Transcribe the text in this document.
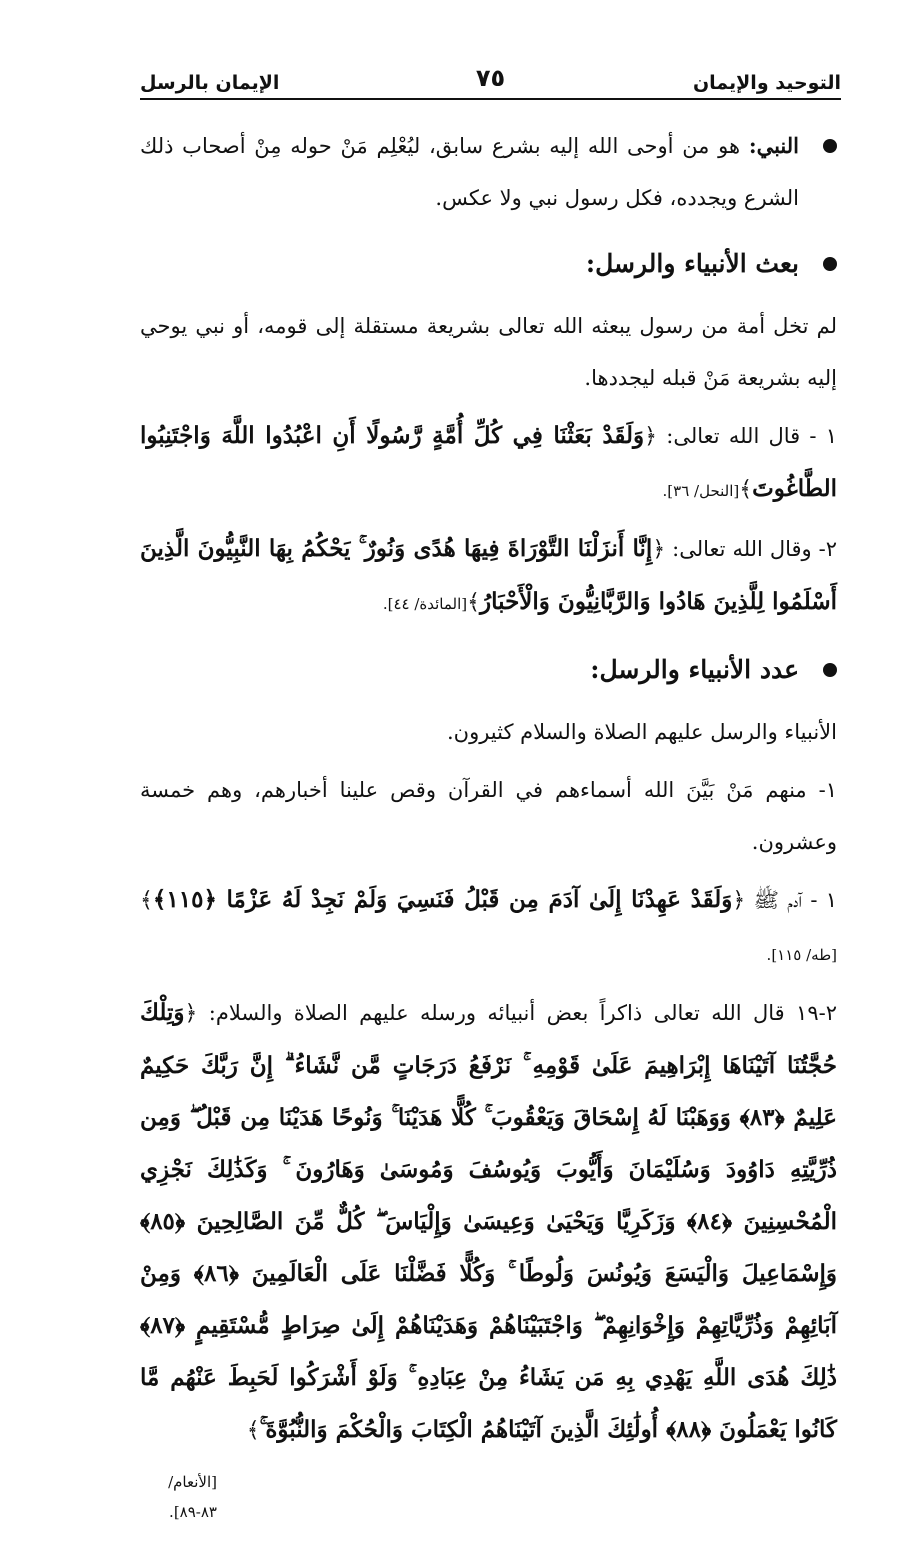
التوحيد والإيمان
٧٥
الإيمان بالرسل

النبي: هو من أوحى الله إليه بشرع سابق، ليُعْلِم مَنْ حوله مِنْ أصحاب ذلك الشرع ويجدده، فكل رسول نبي ولا عكس.

بعث الأنبياء والرسل:

لم تخل أمة من رسول يبعثه الله تعالى بشريعة مستقلة إلى قومه، أو نبي يوحي إليه بشريعة مَنْ قبله ليجددها.

١ - قال الله تعالى: ﴿وَلَقَدْ بَعَثْنَا فِي كُلِّ أُمَّةٍ رَّسُولًا أَنِ اعْبُدُوا اللَّهَ وَاجْتَنِبُوا الطَّاغُوتَ﴾[النحل/ ٣٦].

٢- وقال الله تعالى: ﴿إِنَّا أَنزَلْنَا التَّوْرَاةَ فِيهَا هُدًى وَنُورٌ ۚ يَحْكُمُ بِهَا النَّبِيُّونَ الَّذِينَ أَسْلَمُوا لِلَّذِينَ هَادُوا وَالرَّبَّانِيُّونَ وَالْأَحْبَارُ﴾[المائدة/ ٤٤].

عدد الأنبياء والرسل:

الأنبياء والرسل عليهم الصلاة والسلام كثيرون.

١- منهم مَنْ بَيَّنَ الله أسماءهم في القرآن وقص علينا أخبارهم، وهم خمسة وعشرون.

١ - آدم ﷺ ﴿وَلَقَدْ عَهِدْنَا إِلَىٰ آدَمَ مِن قَبْلُ فَنَسِيَ وَلَمْ نَجِدْ لَهُ عَزْمًا ﴿١١٥﴾﴾[طه/ ١١٥].

٢-١٩ قال الله تعالى ذاكراً بعض أنبيائه ورسله عليهم الصلاة والسلام: ﴿وَتِلْكَ حُجَّتُنَا آتَيْنَاهَا إِبْرَاهِيمَ عَلَىٰ قَوْمِهِ ۚ نَرْفَعُ دَرَجَاتٍ مَّن نَّشَاءُ ۗ إِنَّ رَبَّكَ حَكِيمٌ عَلِيمٌ ﴿٨٣﴾ وَوَهَبْنَا لَهُ إِسْحَاقَ وَيَعْقُوبَ ۚ كُلًّا هَدَيْنَا ۚ وَنُوحًا هَدَيْنَا مِن قَبْلُ ۖ وَمِن ذُرِّيَّتِهِ دَاوُودَ وَسُلَيْمَانَ وَأَيُّوبَ وَيُوسُفَ وَمُوسَىٰ وَهَارُونَ ۚ وَكَذَٰلِكَ نَجْزِي الْمُحْسِنِينَ ﴿٨٤﴾ وَزَكَرِيَّا وَيَحْيَىٰ وَعِيسَىٰ وَإِلْيَاسَ ۖ كُلٌّ مِّنَ الصَّالِحِينَ ﴿٨٥﴾ وَإِسْمَاعِيلَ وَالْيَسَعَ وَيُونُسَ وَلُوطًا ۚ وَكُلًّا فَضَّلْنَا عَلَى الْعَالَمِينَ ﴿٨٦﴾ وَمِنْ آبَائِهِمْ وَذُرِّيَّاتِهِمْ وَإِخْوَانِهِمْ ۖ وَاجْتَبَيْنَاهُمْ وَهَدَيْنَاهُمْ إِلَىٰ صِرَاطٍ مُّسْتَقِيمٍ ﴿٨٧﴾ ذَٰلِكَ هُدَى اللَّهِ يَهْدِي بِهِ مَن يَشَاءُ مِنْ عِبَادِهِ ۚ وَلَوْ أَشْرَكُوا لَحَبِطَ عَنْهُم مَّا كَانُوا يَعْمَلُونَ ﴿٨٨﴾ أُولَٰئِكَ الَّذِينَ آتَيْنَاهُمُ الْكِتَابَ وَالْحُكْمَ وَالنُّبُوَّةَ ۚ﴾

[الأنعام/ ٨٣-٨٩].
